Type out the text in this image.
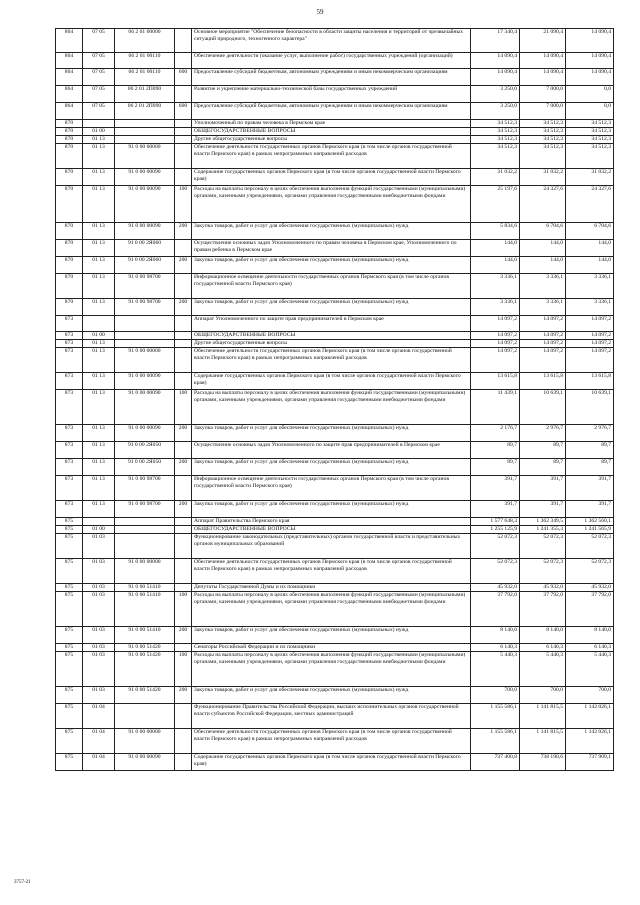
59
864	07 05	06 2 01 00000		Основное мероприятие "Обеспечение безопасности в области защиты населения и территорий от чрезвычайных ситуаций природного, техногенного характера"	17 340,4	21 090,4	14 090,4
864	07 05	06 2 01 00110		Обеспечение деятельности (оказание услуг, выполнение работ) государственных учреждений (организаций)	14 090,4	14 090,4	14 090,4
864	07 05	06 2 01 00110	600	Предоставление субсидий бюджетным, автономным учреждениям и иным некоммерческим организациям	14 090,4	14 090,4	14 090,4
864	07 05	06 2 01 2П090		Развитие и укрепление материально-технической базы государственных учреждений	3 250,0	7 000,0	0,0
864	07 05	06 2 01 2П090	600	Предоставление субсидий бюджетным, автономным учреждениям и иным некоммерческим организациям	3 250,0	7 000,0	0,0
870				Уполномоченный по правам человека в Пермском крае	34 512,3	34 512,3	34 512,3
870	01 00			ОБЩЕГОСУДАРСТВЕННЫЕ ВОПРОСЫ	34 512,3	34 512,3	34 512,3
870	01 13			Другие общегосударственные вопросы	34 512,3	34 512,3	34 512,3
870	01 13	91 0 00 00000		Обеспечение деятельности государственных органов Пермского края (в том числе органов государственной власти Пермского края) в рамках непрограммных направлений расходов	34 512,3	34 512,3	34 512,3
870	01 13	91 0 00 00090		Содержание государственных органов Пермского края (в том числе органов государственной власти Пермского края)	31 032,2	31 032,2	31 032,2
870	01 13	91 0 00 00090	100	Расходы на выплаты персоналу в целях обеспечения выполнения функций государственными (муниципальными) органами, казенными учреждениями, органами управления государственными внебюджетными фондами	25 197,6	24 327,6	24 327,6
870	01 13	91 0 00 00090	200	Закупка товаров, работ и услуг для обеспечения государственных (муниципальных) нужд	5 834,6	6 704,6	6 704,6
870	01 13	91 0 00 2Я060		Осуществление основных задач Уполномоченного по правам человека в Пермском крае, Уполномоченного по правам ребенка в Пермском крае	144,0	144,0	144,0
870	01 13	91 0 00 2Я060	200	Закупка товаров, работ и услуг для обеспечения государственных (муниципальных) нужд	144,0	144,0	144,0
870	01 13	91 0 00 98700		Информационное освещение деятельности государственных органов Пермского края (в том числе органов государственной власти Пермского края)	3 336,1	3 336,1	3 336,1
870	01 13	91 0 00 98700	200	Закупка товаров, работ и услуг для обеспечения государственных (муниципальных) нужд	3 336,1	3 336,1	3 336,1
873				Аппарат Уполномоченного по защите прав предпринимателей в Пермском крае	14 097,2	14 097,2	14 097,2
873	01 00			ОБЩЕГОСУДАРСТВЕННЫЕ ВОПРОСЫ	14 097,2	14 097,2	14 097,2
873	01 13			Другие общегосударственные вопросы	14 097,2	14 097,2	14 097,2
873	01 13	91 0 00 00000		Обеспечение деятельности государственных органов Пермского края (в том числе органов государственной власти Пермского края) в рамках непрограммных направлений расходов	14 097,2	14 097,2	14 097,2
873	01 13	91 0 00 00090		Содержание государственных органов Пермского края (в том числе органов государственной власти Пермского края)	13 615,8	13 615,8	13 615,8
873	01 13	91 0 00 00090	100	Расходы на выплаты персоналу в целях обеспечения выполнения функций государственными (муниципальными) органами, казенными учреждениями, органами управления государственными внебюджетными фондами	11 439,1	10 639,1	10 639,1
873	01 13	91 0 00 00090	200	Закупка товаров, работ и услуг для обеспечения государственных (муниципальных) нужд	2 176,7	2 976,7	2 976,7
873	01 13	91 0 00 2Я050		Осуществление основных задач Уполномоченного по защите прав предпринимателей в Пермском крае	89,7	89,7	89,7
873	01 13	91 0 00 2Я050	200	Закупка товаров, работ и услуг для обеспечения государственных (муниципальных) нужд	89,7	89,7	89,7
873	01 13	91 0 00 98700		Информационное освещение деятельности государственных органов Пермского края (в том числе органов государственной власти Пермского края)	391,7	391,7	391,7
873	01 13	91 0 00 98700	200	Закупка товаров, работ и услуг для обеспечения государственных (муниципальных) нужд	391,7	391,7	391,7
875				Аппарат Правительства Пермского края	1 577 648,3	1 362 349,5	1 362 560,1
875	01 00			ОБЩЕГОСУДАРСТВЕННЫЕ ВОПРОСЫ	1 255 125,9	1 241 355,3	1 241 565,9
875	01 03			Функционирование законодательных (представительных) органов государственной власти и представительных органов муниципальных образований	52 072,3	52 072,3	52 072,3
875	01 03	91 0 00 00000		Обеспечение деятельности государственных органов Пермского края (в том числе органов государственной власти Пермского края) в рамках непрограммных направлений расходов	52 072,3	52 072,3	52 072,3
875	01 03	91 0 00 51410		Депутаты Государственной Думы и их помощники	45 932,0	45 932,0	45 932,0
875	01 03	91 0 00 51410	100	Расходы на выплаты персоналу в целях обеспечения выполнения функций государственными (муниципальными) органами, казенными учреждениями, органами управления государственными внебюджетными фондами	37 792,0	37 792,0	37 792,0
875	01 03	91 0 00 51410	200	Закупка товаров, работ и услуг для обеспечения государственных (муниципальных) нужд	8 140,0	8 140,0	8 140,0
875	01 03	91 0 00 51420		Сенаторы Российской Федерации и их помощники	6 140,3	6 140,3	6 140,3
875	01 03	91 0 00 51420	100	Расходы на выплаты персоналу в целях обеспечения выполнения функций государственными (муниципальными) органами, казенными учреждениями, органами управления государственными внебюджетными фондами	5 440,3	5 440,3	5 440,3
875	01 03	91 0 00 51420	200	Закупка товаров, работ и услуг для обеспечения государственных (муниципальных) нужд	700,0	700,0	700,0
875	01 04			Функционирование Правительства Российской Федерации, высших исполнительных органов государственной власти субъектов Российской Федерации, местных администраций	1 155 586,1	1 141 815,5	1 142 026,1
875	01 04	91 0 00 00000		Обеспечение деятельности государственных органов Пермского края (в том числе органов государственной власти Пермского края) в рамках непрограммных направлений расходов	1 155 586,1	1 141 815,5	1 142 026,1
875	01 04	91 0 00 00090		Содержание государственных органов Пермского края (в том числе органов государственной власти Пермского края)	737 400,8	738 190,6	737 909,1
3757-21
